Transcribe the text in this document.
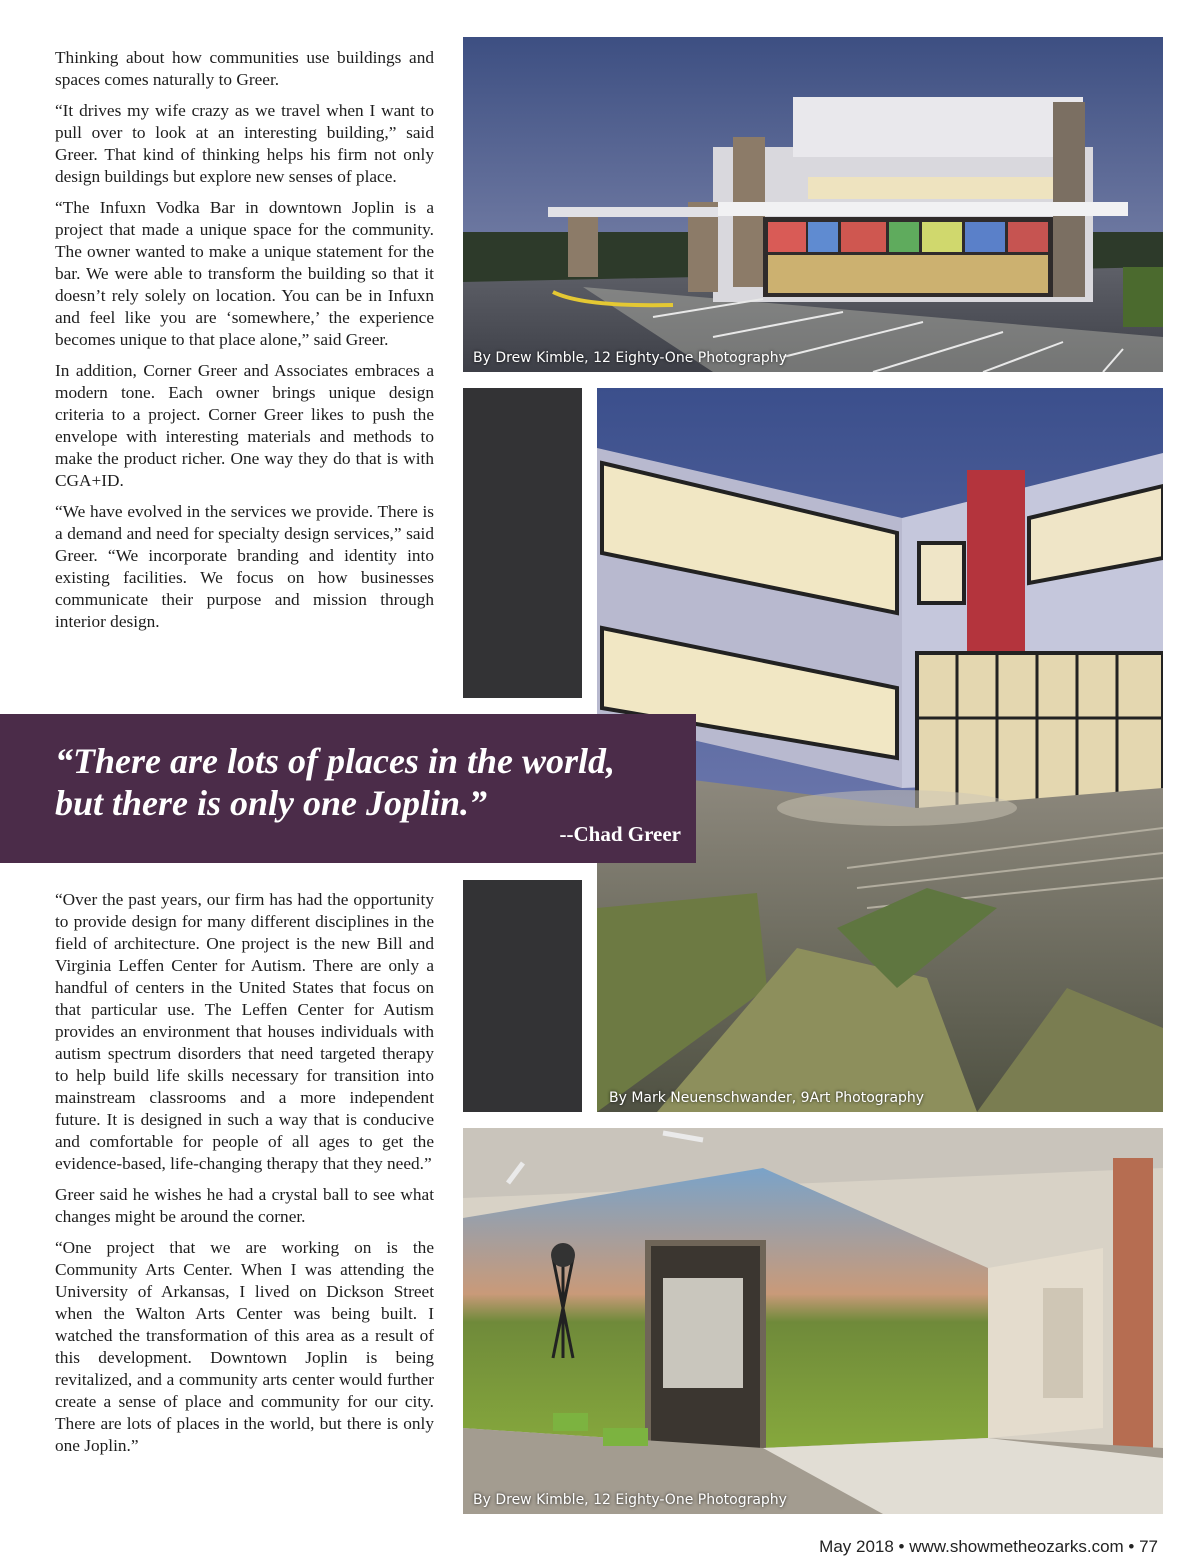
Thinking about how communities use buildings and spaces comes naturally to Greer.

“It drives my wife crazy as we travel when I want to pull over to look at an interesting building,” said Greer. That kind of thinking helps his firm not only design buildings but explore new senses of place.

“The Infuxn Vodka Bar in downtown Joplin is a project that made a unique space for the community. The owner wanted to make a unique statement for the bar. We were able to transform the building so that it doesn’t rely solely on location. You can be in Infuxn and feel like you are ‘somewhere,’ the experience becomes unique to that place alone,” said Greer.

In addition, Corner Greer and Associates embraces a modern tone. Each owner brings unique design criteria to a project. Corner Greer likes to push the envelope with interesting materials and methods to make the product richer. One way they do that is with CGA+ID.

“We have evolved in the services we provide. There is a demand and need for specialty design services,” said Greer. “We incorporate branding and identity into existing facilities. We focus on how businesses communicate their purpose and mission through interior design.

By Drew Kimble, 12 Eighty-One Photography
By Mark Neuenschwander, 9Art Photography
“There are lots of places in the world,
but there is only one Joplin.”
--Chad Greer

“Over the past years, our firm has had the opportunity to provide design for many different disciplines in the field of architecture. One project is the new Bill and Virginia Leffen Center for Autism. There are only a handful of centers in the United States that focus on that particular use. The Leffen Center for Autism provides an environment that houses individuals with autism spectrum disorders that need targeted therapy to help build life skills necessary for transition into mainstream classrooms and a more independent future. It is designed in such a way that is conducive and comfortable for people of all ages to get the evidence-based, life-changing therapy that they need.”

Greer said he wishes he had a crystal ball to see what changes might be around the corner.

“One project that we are working on is the Community Arts Center. When I was attending the University of Arkansas, I lived on Dickson Street when the Walton Arts Center was being built. I watched the transformation of this area as a result of this development. Downtown Joplin is being revitalized, and a community arts center would further create a sense of place and community for our city. There are lots of places in the world, but there is only one Joplin.”

By Drew Kimble, 12 Eighty-One Photography
May 2018 • www.showmetheozarks.com • 77
